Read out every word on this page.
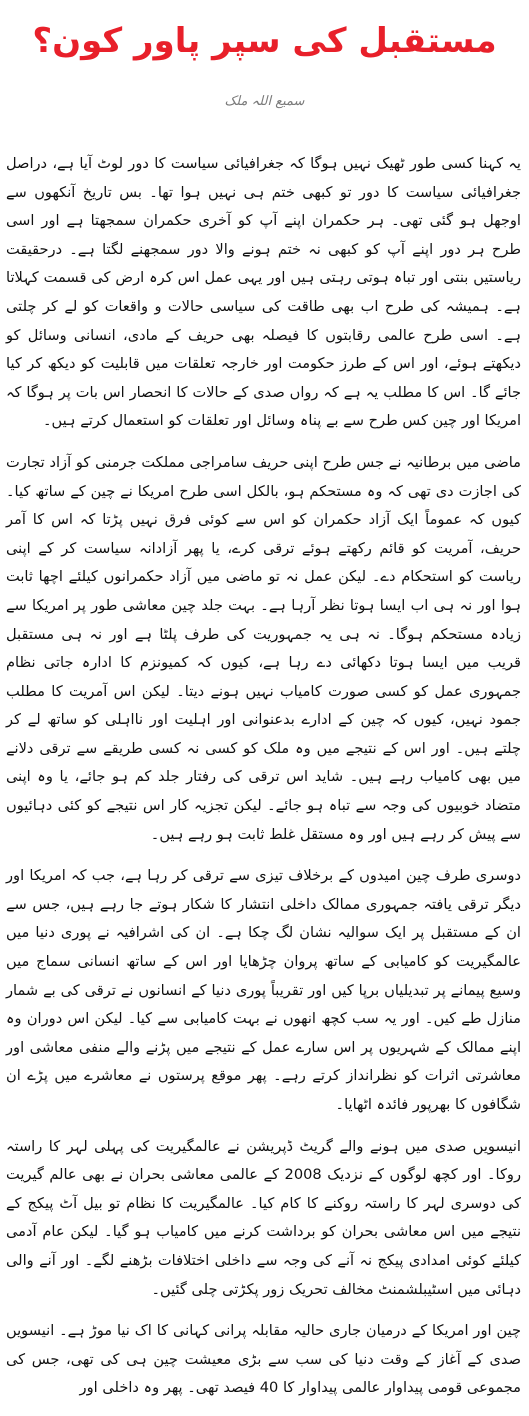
مستقبل کی سپر پاور کون؟
سمیع اللہ ملک

یہ کہنا کسی طور ٹھیک نہیں ہوگا کہ جغرافیائی سیاست کا دور لوٹ آیا ہے، دراصل جغرافیائی سیاست کا دور تو کبھی ختم ہی نہیں ہوا تھا۔ بس تاریخ آنکھوں سے اوجھل ہو گئی تھی۔ ہر حکمران اپنے آپ کو آخری حکمران سمجھتا ہے اور اسی طرح ہر دور اپنے آپ کو کبھی نہ ختم ہونے والا دور سمجھنے لگتا ہے۔ درحقیقت ریاستیں بنتی اور تباہ ہوتی رہتی ہیں اور یہی عمل اس کرہ ارض کی قسمت کہلاتا ہے۔ ہمیشہ کی طرح اب بھی طاقت کی سیاسی حالات و واقعات کو لے کر چلتی ہے۔ اسی طرح عالمی رقابتوں کا فیصلہ بھی حریف کے مادی، انسانی وسائل کو دیکھتے ہوئے، اور اس کے طرز حکومت اور خارجہ تعلقات میں قابلیت کو دیکھ کر کیا جائے گا۔ اس کا مطلب یہ ہے کہ رواں صدی کے حالات کا انحصار اس بات پر ہوگا کہ امریکا اور چین کس طرح سے بے پناہ وسائل اور تعلقات کو استعمال کرتے ہیں۔

ماضی میں برطانیہ نے جس طرح اپنی حریف سامراجی مملکت جرمنی کو آزاد تجارت کی اجازت دی تھی کہ وہ مستحکم ہو، بالکل اسی طرح امریکا نے چین کے ساتھ کیا۔ کیوں کہ عموماً ایک آزاد حکمران کو اس سے کوئی فرق نہیں پڑتا کہ اس کا آمر حریف، آمریت کو قائم رکھتے ہوئے ترقی کرے، یا پھر آزادانہ سیاست کر کے اپنی ریاست کو استحکام دے۔ لیکن عمل نہ تو ماضی میں آزاد حکمرانوں کیلئے اچھا ثابت ہوا اور نہ ہی اب ایسا ہوتا نظر آرہا ہے۔ بہت جلد چین معاشی طور پر امریکا سے زیادہ مستحکم ہوگا۔ نہ ہی یہ جمہوریت کی طرف پلٹا ہے اور نہ ہی مستقبل قریب میں ایسا ہوتا دکھائی دے رہا ہے، کیوں کہ کمیونزم کا ادارہ جاتی نظام جمہوری عمل کو کسی صورت کامیاب نہیں ہونے دیتا۔ لیکن اس آمریت کا مطلب جمود نہیں، کیوں کہ چین کے ادارے بدعنوانی اور اہلیت اور نااہلی کو ساتھ لے کر چلتے ہیں۔ اور اس کے نتیجے میں وہ ملک کو کسی نہ کسی طریقے سے ترقی دلانے میں بھی کامیاب رہے ہیں۔ شاید اس ترقی کی رفتار جلد کم ہو جائے، یا وہ اپنی متضاد خوبیوں کی وجہ سے تباہ ہو جائے۔ لیکن تجزیہ کار اس نتیجے کو کئی دہائیوں سے پیش کر رہے ہیں اور وہ مستقل غلط ثابت ہو رہے ہیں۔

دوسری طرف چین امیدوں کے برخلاف تیزی سے ترقی کر رہا ہے، جب کہ امریکا اور دیگر ترقی یافتہ جمہوری ممالک داخلی انتشار کا شکار ہوتے جا رہے ہیں، جس سے ان کے مستقبل پر ایک سوالیہ نشان لگ چکا ہے۔ ان کی اشرافیہ نے پوری دنیا میں عالمگیریت کو کامیابی کے ساتھ پروان چڑھایا اور اس کے ساتھ انسانی سماج میں وسیع پیمانے پر تبدیلیاں برپا کیں اور تقریباً پوری دنیا کے انسانوں نے ترقی کی بے شمار منازل طے کیں۔ اور یہ سب کچھ انھوں نے بہت کامیابی سے کیا۔ لیکن اس دوران وہ اپنے ممالک کے شہریوں پر اس سارے عمل کے نتیجے میں پڑنے والے منفی معاشی اور معاشرتی اثرات کو نظرانداز کرتے رہے۔ پھر موقع پرستوں نے معاشرے میں پڑے ان شگافوں کا بھرپور فائدہ اٹھایا۔

انیسویں صدی میں ہونے والے گریٹ ڈپریشن نے عالمگیریت کی پہلی لہر کا راستہ روکا۔ اور کچھ لوگوں کے نزدیک 2008 کے عالمی معاشی بحران نے بھی عالم گیریت کی دوسری لہر کا راستہ روکنے کا کام کیا۔ عالمگیریت کا نظام تو بیل آٹ پیکج کے نتیجے میں اس معاشی بحران کو برداشت کرنے میں کامیاب ہو گیا۔ لیکن عام آدمی کیلئے کوئی امدادی پیکج نہ آنے کی وجہ سے داخلی اختلافات بڑھنے لگے۔ اور آنے والی دہائی میں اسٹیبلشمنٹ مخالف تحریک زور پکڑتی چلی گئیں۔

چین اور امریکا کے درمیان جاری حالیہ مقابلہ پرانی کہانی کا اک نیا موڑ ہے۔ انیسویں صدی کے آغاز کے وقت دنیا کی سب سے بڑی معیشت چین ہی کی تھی، جس کی مجموعی قومی پیداوار عالمی پیداوار کا 40 فیصد تھی۔ پھر وہ داخلی اور
